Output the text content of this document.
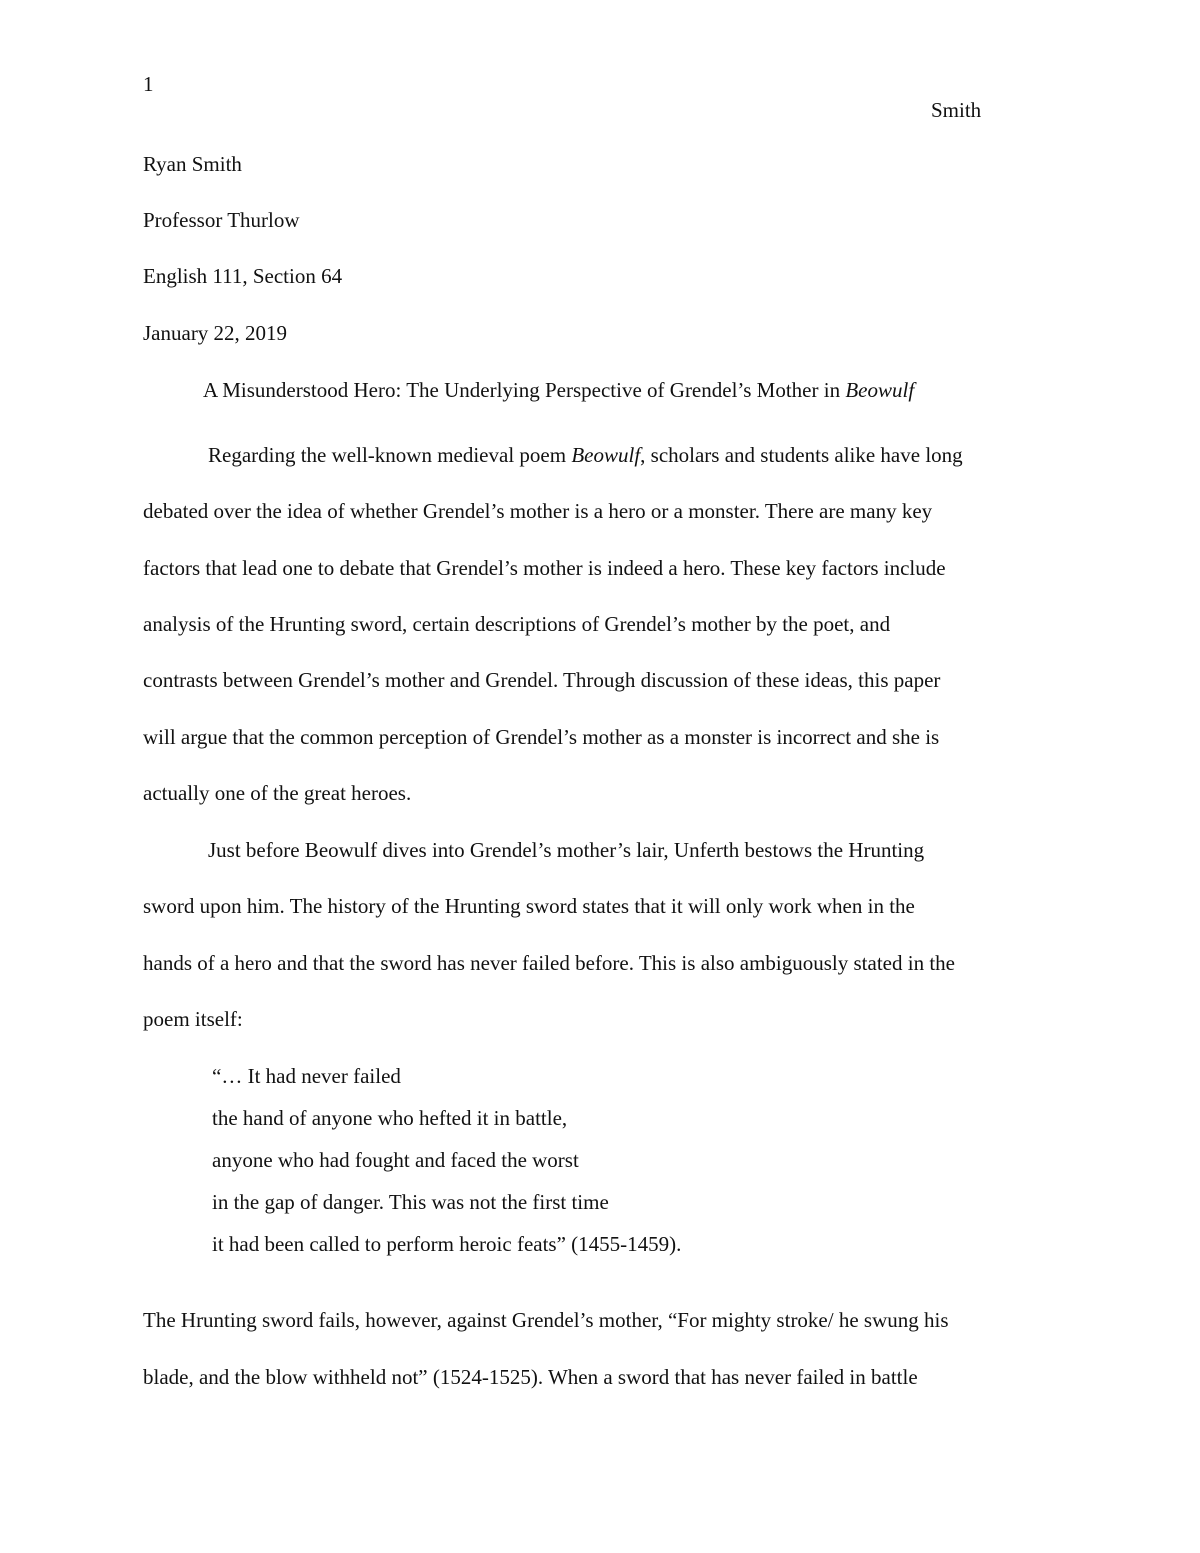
1
Smith
Ryan Smith
Professor Thurlow
English 111, Section 64
January 22, 2019
A Misunderstood Hero: The Underlying Perspective of Grendel’s Mother in Beowulf
Regarding the well-known medieval poem Beowulf, scholars and students alike have long
debated over the idea of whether Grendel’s mother is a hero or a monster. There are many key
factors that lead one to debate that Grendel’s mother is indeed a hero. These key factors include
analysis of the Hrunting sword, certain descriptions of Grendel’s mother by the poet, and
contrasts between Grendel’s mother and Grendel. Through discussion of these ideas, this paper
will argue that the common perception of Grendel’s mother as a monster is incorrect and she is
actually one of the great heroes.
Just before Beowulf dives into Grendel’s mother’s lair, Unferth bestows the Hrunting
sword upon him. The history of the Hrunting sword states that it will only work when in the
hands of a hero and that the sword has never failed before. This is also ambiguously stated in the
poem itself:
“… It had never failed
the hand of anyone who hefted it in battle,
anyone who had fought and faced the worst
in the gap of danger. This was not the first time
it had been called to perform heroic feats” (1455-1459).
The Hrunting sword fails, however, against Grendel’s mother, “For mighty stroke/ he swung his
blade, and the blow withheld not” (1524-1525). When a sword that has never failed in battle
